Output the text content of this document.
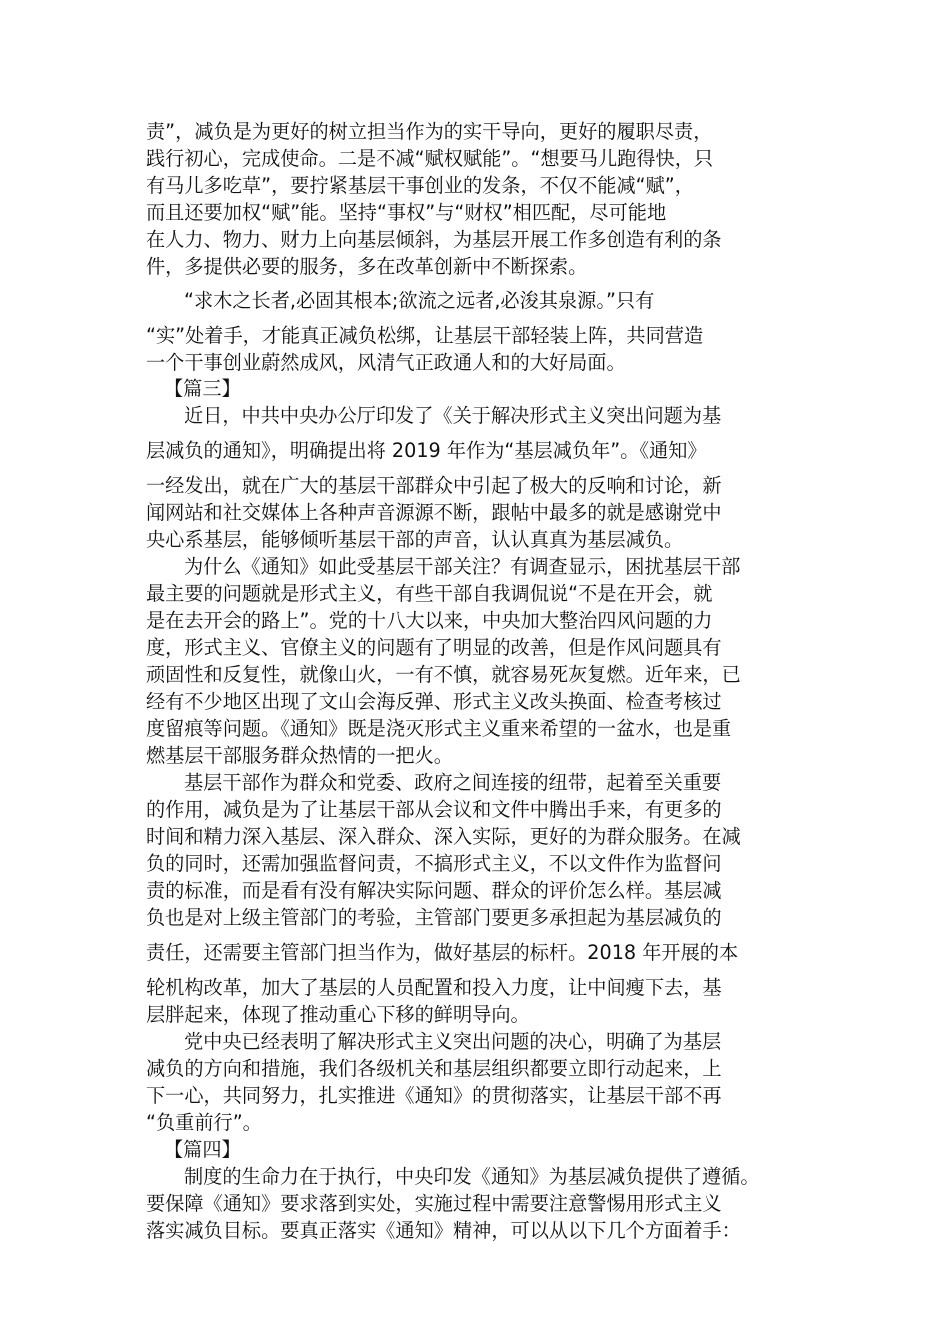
责”，减负是为更好的树立担当作为的实干导向，更好的履职尽责，
践行初心，完成使命。二是不减“赋权赋能”。“想要马儿跑得快，只
有马儿多吃草”，要拧紧基层干事创业的发条，不仅不能减“赋”，
而且还要加权“赋”能。坚持“事权”与“财权”相匹配，尽可能地
在人力、物力、财力上向基层倾斜，为基层开展工作多创造有利的条
件，多提供必要的服务，多在改革创新中不断探索。
“求木之长者,必固其根本;欲流之远者,必浚其泉源。”只有
“实”处着手，才能真正减负松绑，让基层干部轻装上阵，共同营造
一个干事创业蔚然成风，风清气正政通人和的大好局面。
【篇三】
近日，中共中央办公厅印发了《关于解决形式主义突出问题为基
层减负的通知》，明确提出将 2019 年作为“基层减负年”。《通知》
一经发出，就在广大的基层干部群众中引起了极大的反响和讨论，新
闻网站和社交媒体上各种声音源源不断，跟帖中最多的就是感谢党中
央心系基层，能够倾听基层干部的声音，认认真真为基层减负。
为什么《通知》如此受基层干部关注？有调查显示，困扰基层干部
最主要的问题就是形式主义，有些干部自我调侃说“不是在开会，就
是在去开会的路上”。党的十八大以来，中央加大整治四风问题的力
度，形式主义、官僚主义的问题有了明显的改善，但是作风问题具有
顽固性和反复性，就像山火，一有不慎，就容易死灰复燃。近年来，已
经有不少地区出现了文山会海反弹、形式主义改头换面、检查考核过
度留痕等问题。《通知》既是浇灭形式主义重来希望的一盆水，也是重
燃基层干部服务群众热情的一把火。
基层干部作为群众和党委、政府之间连接的纽带，起着至关重要
的作用，减负是为了让基层干部从会议和文件中腾出手来，有更多的
时间和精力深入基层、深入群众、深入实际，更好的为群众服务。在减
负的同时，还需加强监督问责，不搞形式主义，不以文件作为监督问
责的标准，而是看有没有解决实际问题、群众的评价怎么样。基层减
负也是对上级主管部门的考验，主管部门要更多承担起为基层减负的
责任，还需要主管部门担当作为，做好基层的标杆。2018 年开展的本
轮机构改革，加大了基层的人员配置和投入力度，让中间瘦下去，基
层胖起来，体现了推动重心下移的鲜明导向。
党中央已经表明了解决形式主义突出问题的决心，明确了为基层
减负的方向和措施，我们各级机关和基层组织都要立即行动起来，上
下一心，共同努力，扎实推进《通知》的贯彻落实，让基层干部不再
“负重前行”。
【篇四】
制度的生命力在于执行，中央印发《通知》为基层减负提供了遵循。
要保障《通知》要求落到实处，实施过程中需要注意警惕用形式主义
落实减负目标。要真正落实《通知》精神，可以从以下几个方面着手：
